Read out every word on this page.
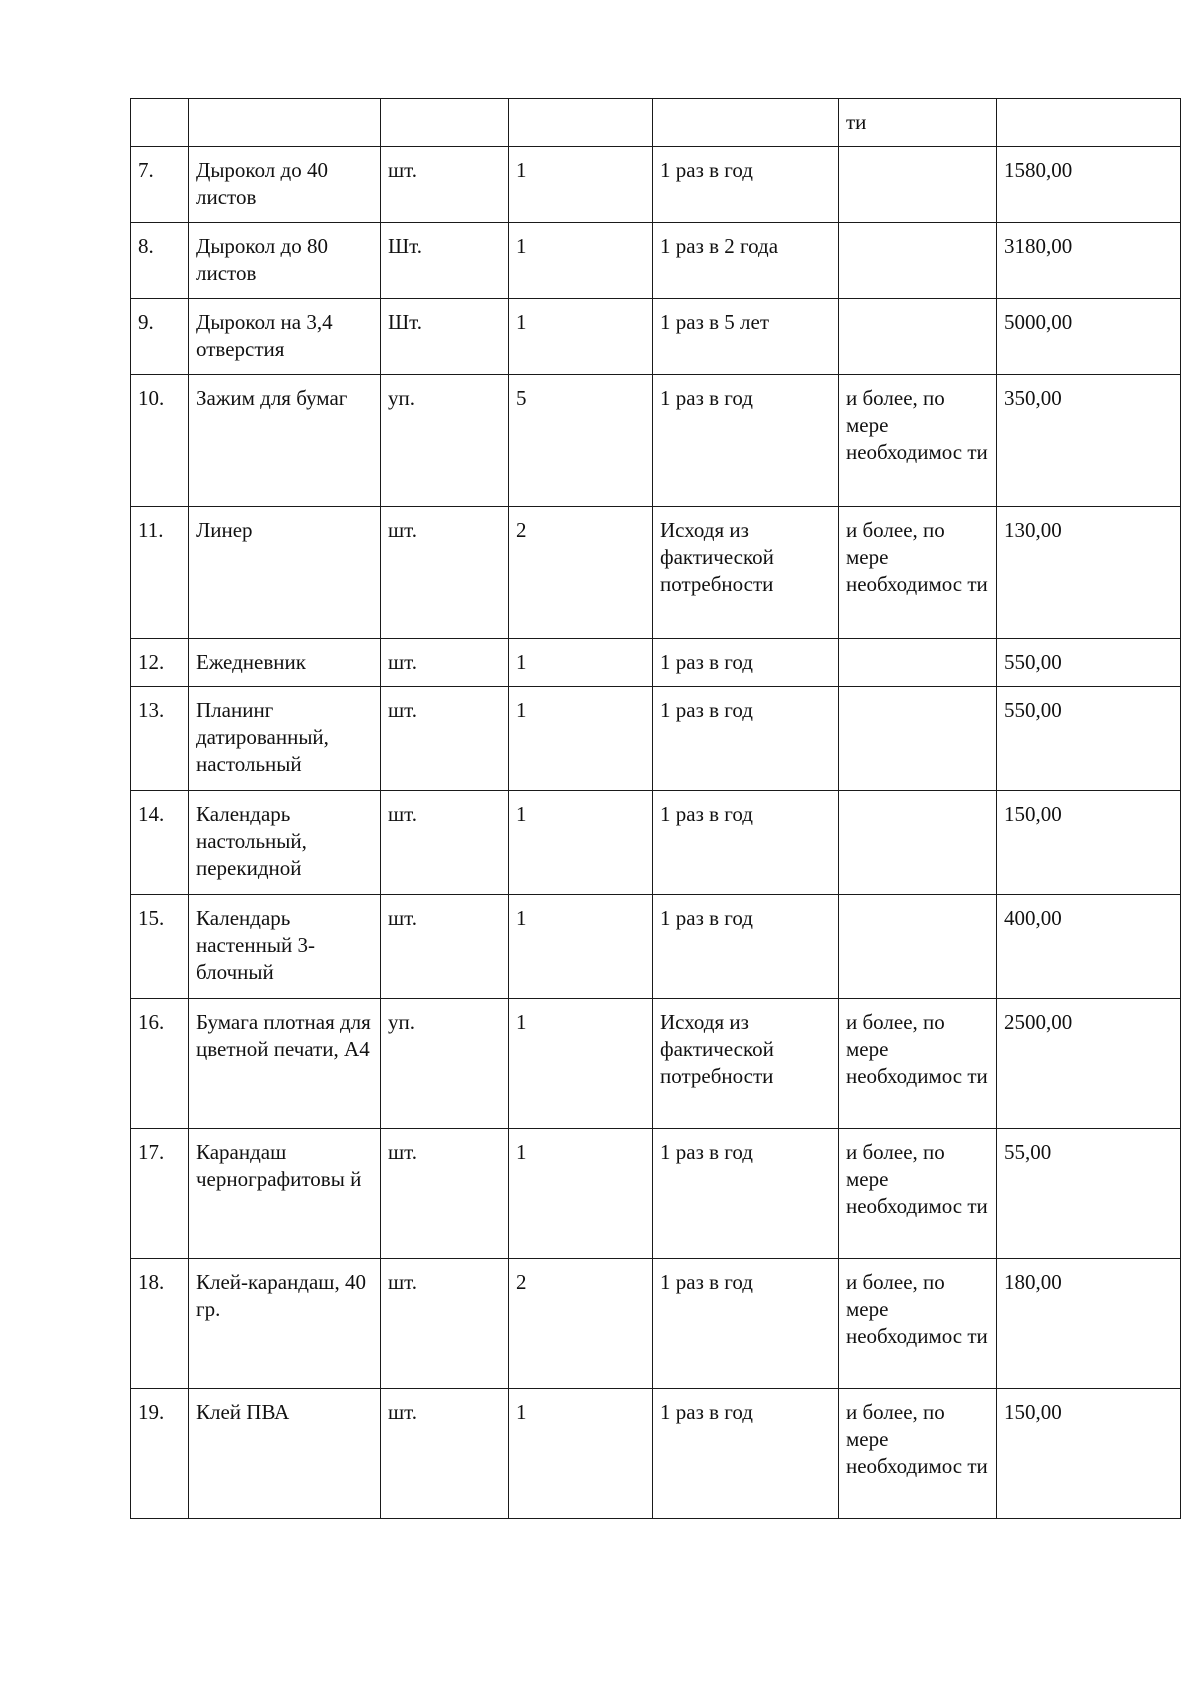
					ти	
7.	Дырокол до 40 листов	шт.	1	1 раз в год		1580,00
8.	Дырокол до 80 листов	Шт.	1	1 раз в 2 года		3180,00
9.	Дырокол на 3,4 отверстия	Шт.	1	1 раз в 5 лет		5000,00
10.	Зажим для бумаг	уп.	5	1 раз в год	и более, по мере необходимос ти	350,00
11.	Линер	шт.	2	Исходя из фактической потребности	и более, по мере необходимос ти	130,00
12.	Ежедневник	шт.	1	1 раз в год		550,00
13.	Планинг датированный, настольный	шт.	1	1 раз в год		550,00
14.	Календарь настольный, перекидной	шт.	1	1 раз в год		150,00
15.	Календарь настенный 3-блочный	шт.	1	1 раз в год		400,00
16.	Бумага плотная для цветной печати, А4	уп.	1	Исходя из фактической потребности	и более, по мере необходимос ти	2500,00
17.	Карандаш чернографитовы й	шт.	1	1 раз в год	и более, по мере необходимос ти	55,00
18.	Клей-карандаш, 40 гр.	шт.	2	1 раз в год	и более, по мере необходимос ти	180,00
19.	Клей ПВА	шт.	1	1 раз в год	и более, по мере необходимос ти	150,00
